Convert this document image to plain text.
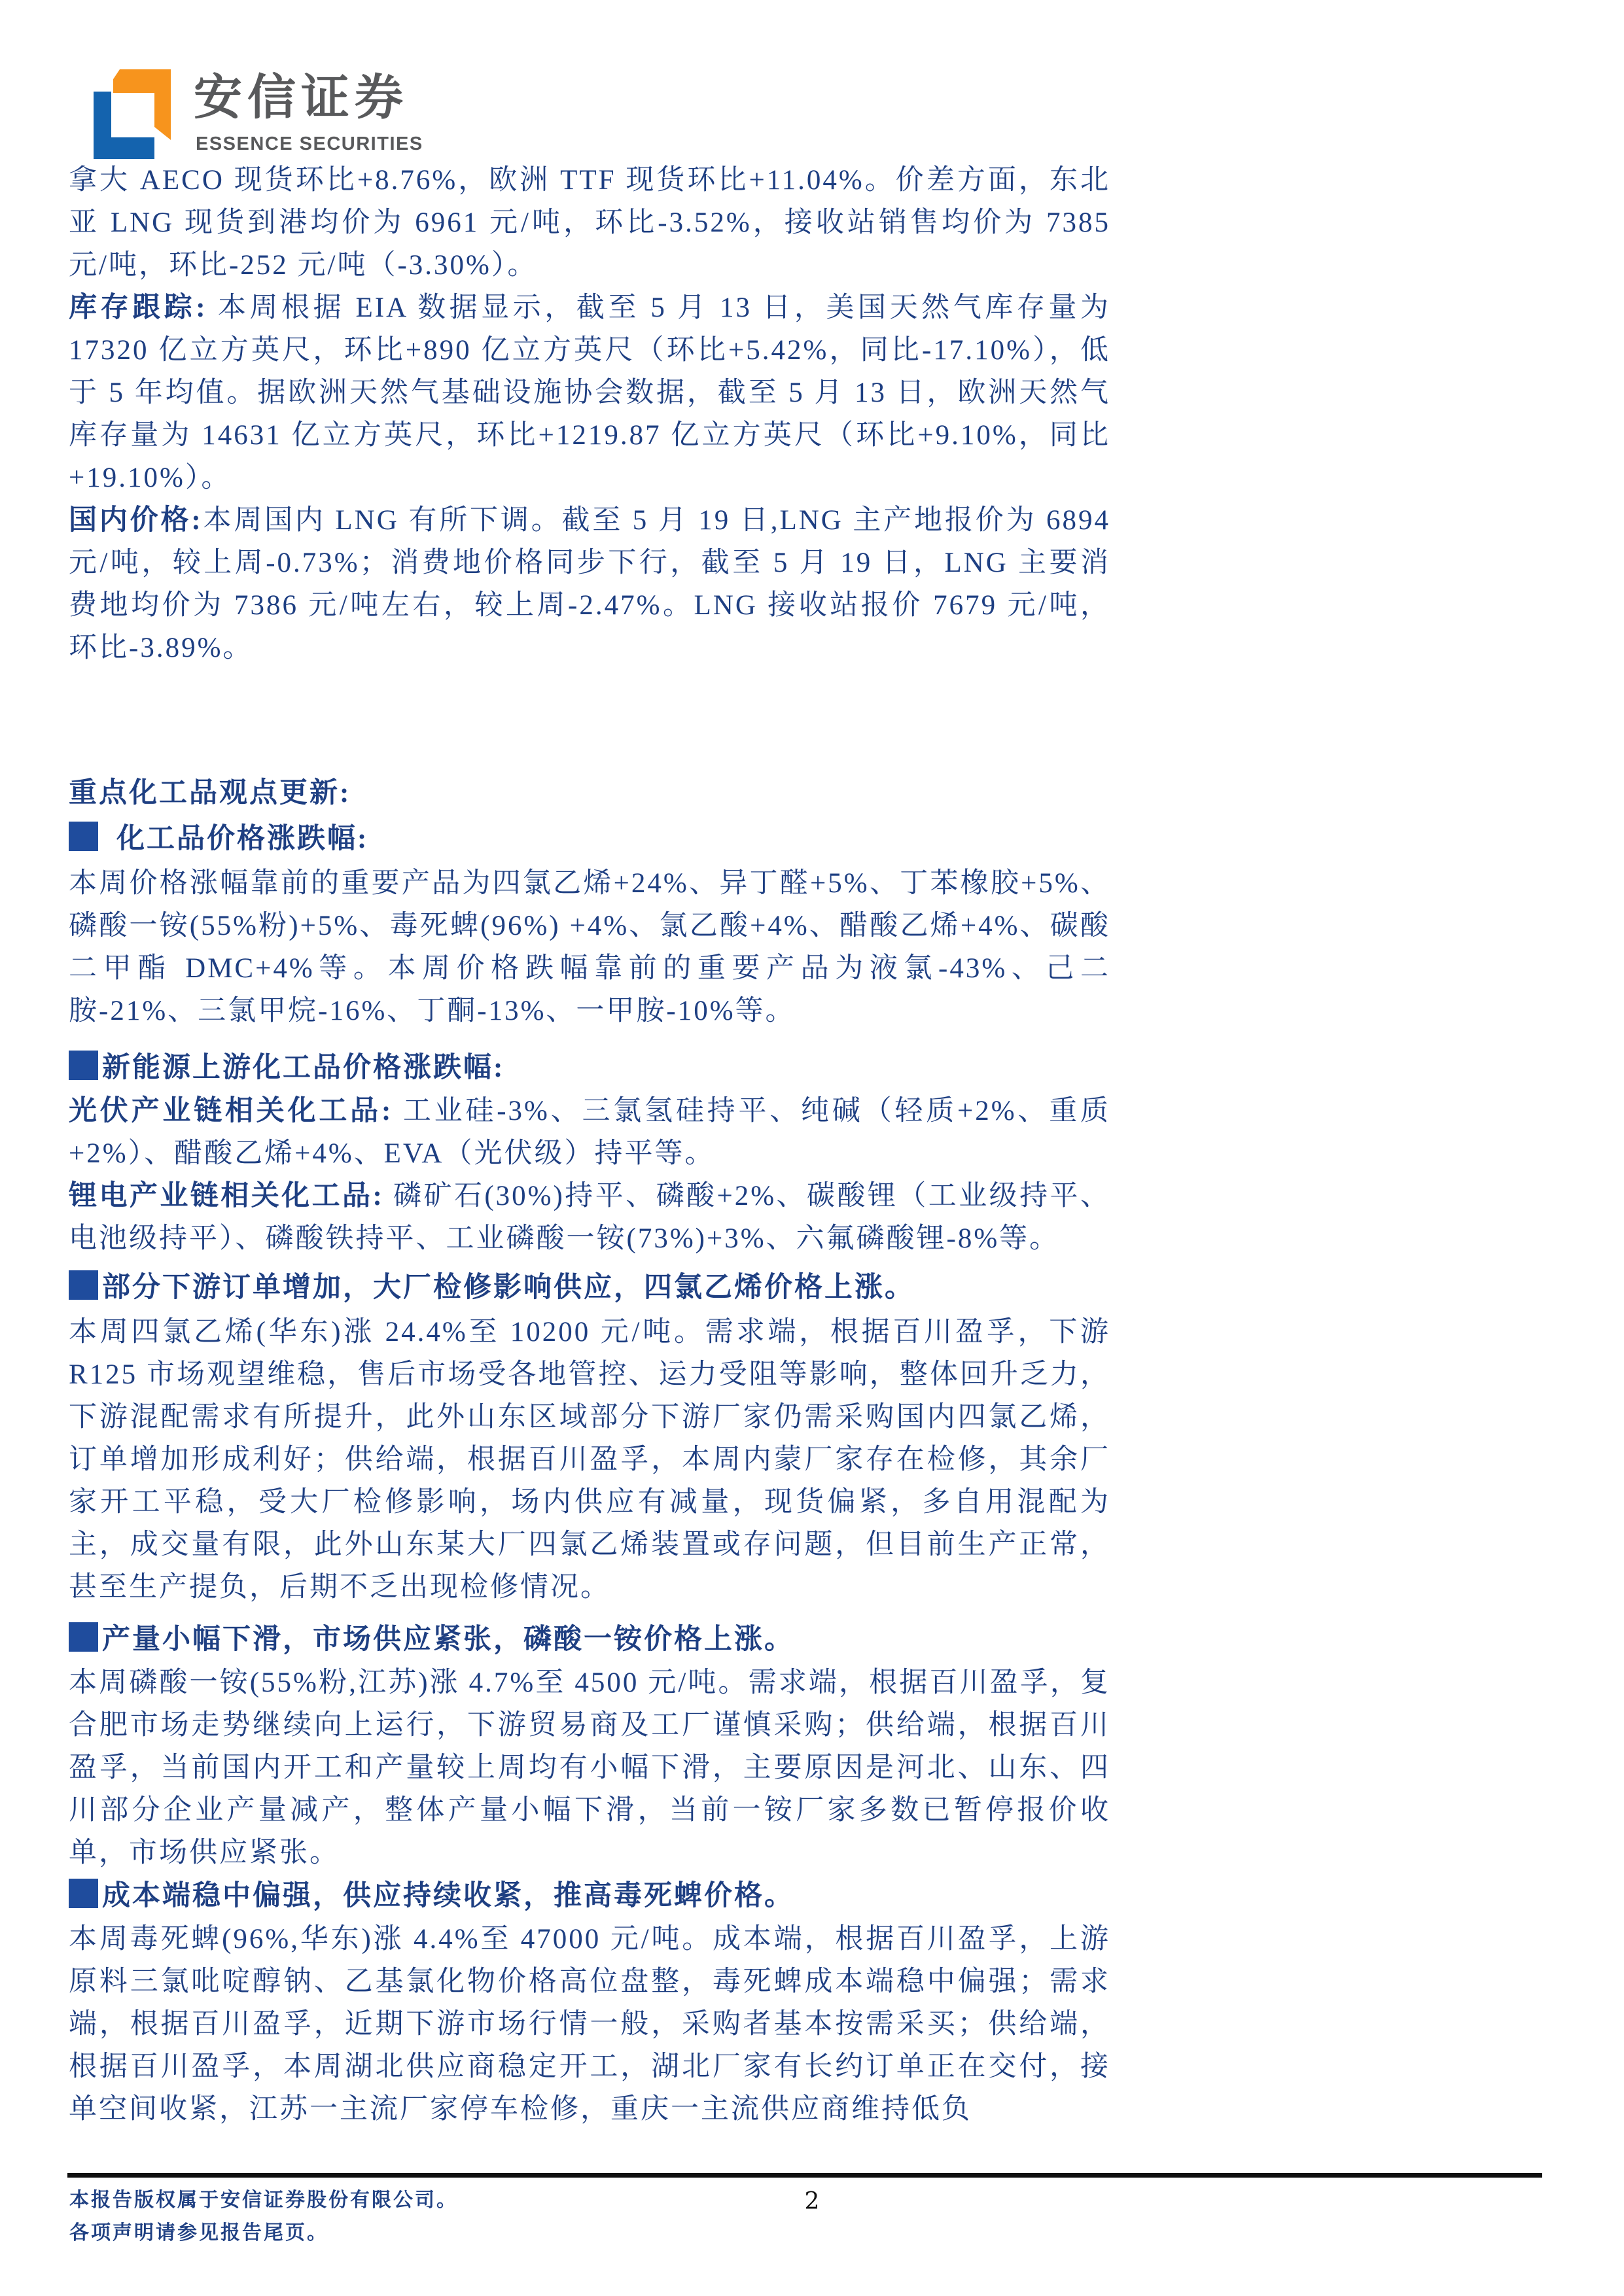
安信证券
ESSENCE SECURITIES
拿大 AECO 现货环比+8.76%，欧洲 TTF 现货环比+11.04%。价差方面，东北亚 LNG 现货到港均价为 6961 元/吨，环比-3.52%，接收站销售均价为 7385 元/吨，环比-252 元/吨（-3.30%）。
库存跟踪: 本周根据 EIA 数据显示，截至 5 月 13 日，美国天然气库存量为 17320 亿立方英尺，环比+890 亿立方英尺（环比+5.42%，同比-17.10%），低于 5 年均值。据欧洲天然气基础设施协会数据，截至 5 月 13 日，欧洲天然气库存量为 14631 亿立方英尺，环比+1219.87 亿立方英尺（环比+9.10%，同比+19.10%）。
国内价格:本周国内 LNG 有所下调。截至 5 月 19 日,LNG 主产地报价为 6894 元/吨，较上周-0.73%；消费地价格同步下行，截至 5 月 19 日，LNG 主要消费地均价为 7386 元/吨左右，较上周-2.47%。LNG 接收站报价 7679 元/吨，环比-3.89%。
重点化工品观点更新:
化工品价格涨跌幅:
本周价格涨幅靠前的重要产品为四氯乙烯+24%、异丁醛+5%、丁苯橡胶+5%、磷酸一铵(55%粉)+5%、毒死蜱(96%) +4%、氯乙酸+4%、醋酸乙烯+4%、碳酸二甲酯 DMC+4%等。本周价格跌幅靠前的重要产品为液氯-43%、己二胺-21%、三氯甲烷-16%、丁酮-13%、一甲胺-10%等。
新能源上游化工品价格涨跌幅:
光伏产业链相关化工品: 工业硅-3%、三氯氢硅持平、纯碱（轻质+2%、重质+2%）、醋酸乙烯+4%、EVA（光伏级）持平等。
锂电产业链相关化工品: 磷矿石(30%)持平、磷酸+2%、碳酸锂（工业级持平、电池级持平）、磷酸铁持平、工业磷酸一铵(73%)+3%、六氟磷酸锂-8%等。
部分下游订单增加，大厂检修影响供应，四氯乙烯价格上涨。
本周四氯乙烯(华东)涨 24.4%至 10200 元/吨。需求端，根据百川盈孚，下游 R125 市场观望维稳，售后市场受各地管控、运力受阻等影响，整体回升乏力，下游混配需求有所提升，此外山东区域部分下游厂家仍需采购国内四氯乙烯，订单增加形成利好；供给端，根据百川盈孚，本周内蒙厂家存在检修，其余厂家开工平稳，受大厂检修影响，场内供应有减量，现货偏紧，多自用混配为主，成交量有限，此外山东某大厂四氯乙烯装置或存问题，但目前生产正常，甚至生产提负，后期不乏出现检修情况。
产量小幅下滑，市场供应紧张，磷酸一铵价格上涨。
本周磷酸一铵(55%粉,江苏)涨 4.7%至 4500 元/吨。需求端，根据百川盈孚，复合肥市场走势继续向上运行，下游贸易商及工厂谨慎采购；供给端，根据百川盈孚，当前国内开工和产量较上周均有小幅下滑，主要原因是河北、山东、四川部分企业产量减产，整体产量小幅下滑，当前一铵厂家多数已暂停报价收单，市场供应紧张。
成本端稳中偏强，供应持续收紧，推高毒死蜱价格。
本周毒死蜱(96%,华东)涨 4.4%至 47000 元/吨。成本端，根据百川盈孚，上游原料三氯吡啶醇钠、乙基氯化物价格高位盘整，毒死蜱成本端稳中偏强；需求端，根据百川盈孚，近期下游市场行情一般，采购者基本按需采买；供给端，根据百川盈孚，本周湖北供应商稳定开工，湖北厂家有长约订单正在交付，接单空间收紧，江苏一主流厂家停车检修，重庆一主流供应商维持低负
本报告版权属于安信证券股份有限公司。
各项声明请参见报告尾页。
2
